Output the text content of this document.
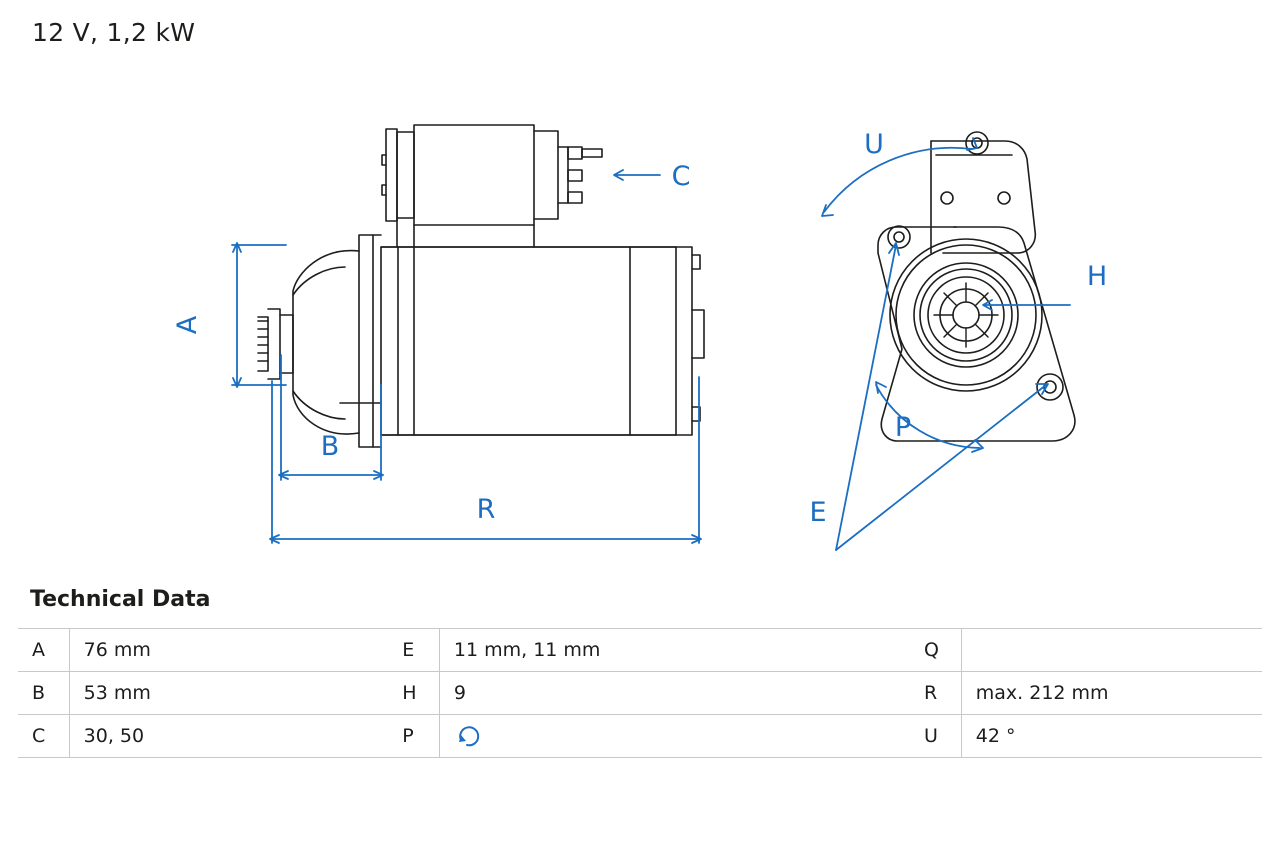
12 V, 1,2 kW
A
B
R
C
U
H
P
E
Technical Data
A	76 mm	E	11 mm, 11 mm	Q	
B	53 mm	H	9	R	max. 212 mm
C	30, 50	P		U	42 °
